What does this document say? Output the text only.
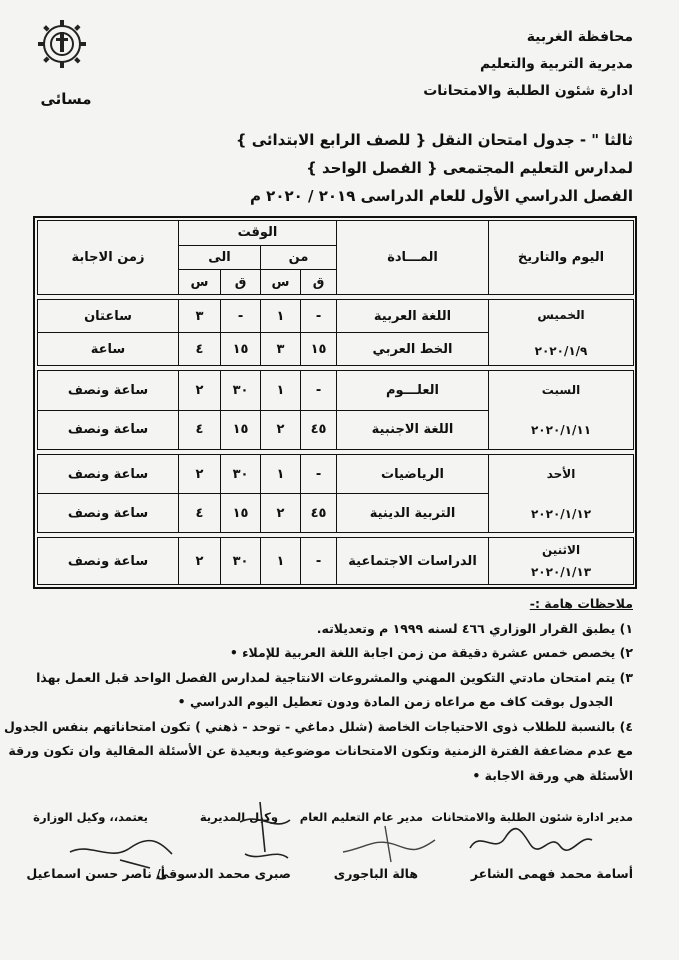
محافظة الغربية
مديرية التربية والتعليم
ادارة شئون الطلبة والامتحانات
مسائى
ثالثا " - جدول امتحان النقل { للصف الرابع الابتدائى }
لمدارس التعليم المجتمعى { الفصل الواحد }
الفصل الدراسي الأول للعام الدراسى ٢٠١٩ / ٢٠٢٠ م
اليوم والتاريخ	المـــادة	الوقت				زمن الاجابة
		من		الى		
		ق	س	ق	س	

الخميس
٢٠٢٠/١/٩	اللغة العربية	-	١	-	٣	ساعتان
	الخط العربي	١٥	٣	١٥	٤	ساعة

السبت
٢٠٢٠/١/١١	العلـــوم	-	١	٣٠	٢	ساعة ونصف
	اللغة الاجنبية	٤٥	٢	١٥	٤	ساعة ونصف

الأحد
٢٠٢٠/١/١٢	الرياضيات	-	١	٣٠	٢	ساعة ونصف
	التربية الدينية	٤٥	٢	١٥	٤	ساعة ونصف

الاثنين
٢٠٢٠/١/١٣	الدراسات الاجتماعية	-	١	٣٠	٢	ساعة ونصف
ملاحظات هامة :-
١) يطبق القرار الوزاري ٤٦٦ لسنه ١٩٩٩ م وتعديلاته.
٢) يخصص خمس عشرة دقيقة من زمن اجابة اللغة العربية للإملاء •
٣) يتم امتحان مادتي التكوين المهني والمشروعات الانتاجية لمدارس الفصل الواحد قبل العمل بهذا
الجدول بوقت كاف مع مراعاه زمن المادة ودون تعطيل اليوم الدراسي •
٤) بالنسبة للطلاب ذوى الاحتياجات الخاصة (شلل دماغي - توحد - ذهني ) تكون امتحاناتهم بنفس الجدول
مع عدم مضاعفة الفترة الزمنية وتكون الامتحانات موضوعية وبعيدة عن الأسئلة المقالية وان تكون ورقة
الأسئلة هي ورقة الاجابة •
مدير ادارة شئون الطلبة والامتحانات
مدير عام التعليم العام
وكيل المديرية
يعتمد،، وكيل الوزارة
أسامة محمد فهمى الشاعر
هالة الباجورى
صبرى محمد الدسوقى
أ/ ناصر حسن اسماعيل
